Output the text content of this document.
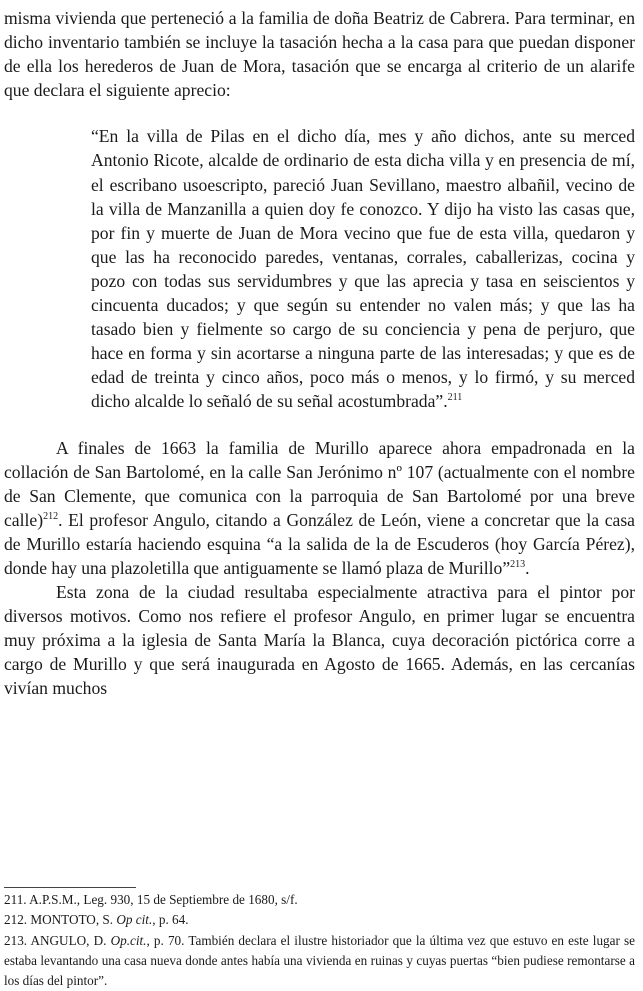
misma vivienda que perteneció a la familia de doña Beatriz de Cabrera. Para terminar, en dicho inventario también se incluye la tasación hecha a la casa para que puedan disponer de ella los herederos de Juan de Mora, tasación que se encarga al criterio de un alarife que declara el siguiente aprecio:

“En la villa de Pilas en el dicho día, mes y año dichos, ante su merced Antonio Ricote, alcalde de ordinario de esta dicha villa y en presencia de mí, el escribano usoescripto, pareció Juan Sevillano, maestro albañil, vecino de la villa de Manzanilla a quien doy fe conozco. Y dijo ha visto las casas que, por fin y muerte de Juan de Mora vecino que fue de esta villa, quedaron y que las ha reconocido paredes, ventanas, corrales, caballerizas, cocina y pozo con todas sus servidumbres y que las aprecia y tasa en seiscientos y cincuenta ducados; y que según su entender no valen más; y que las ha tasado bien y fielmente so cargo de su conciencia y pena de perjuro, que hace en forma y sin acortarse a ninguna parte de las interesadas; y que es de edad de treinta y cinco años, poco más o menos, y lo firmó, y su merced dicho alcalde lo señaló de su señal acostumbrada”.$^{211}$

A finales de 1663 la familia de Murillo aparece ahora empadronada en la collación de San Bartolomé, en la calle San Jerónimo nº 107 (actualmente con el nombre de San Clemente, que comunica con la parroquia de San Bartolomé por una breve calle)$^{212}$. El profesor Angulo, citando a González de León, viene a concretar que la casa de Murillo estaría haciendo esquina “a la salida de la de Escuderos (hoy García Pérez), donde hay una plazoletilla que antiguamente se llamó plaza de Murillo”$^{213}$.

Esta zona de la ciudad resultaba especialmente atractiva para el pintor por diversos motivos. Como nos refiere el profesor Angulo, en primer lugar se encuentra muy próxima a la iglesia de Santa María la Blanca, cuya decoración pictórica corre a cargo de Murillo y que será inaugurada en Agosto de 1665. Además, en las cercanías vivían muchos

211. A.P.S.M., Leg. 930, 15 de Septiembre de 1680, s/f.

212. MONTOTO, S. Op cit., p. 64.

213. ANGULO, D. Op.cit., p. 70. También declara el ilustre historiador que la última vez que estuvo en este lugar se estaba levantando una casa nueva donde antes había una vivienda en ruinas y cuyas puertas “bien pudiese remontarse a los días del pintor”.
